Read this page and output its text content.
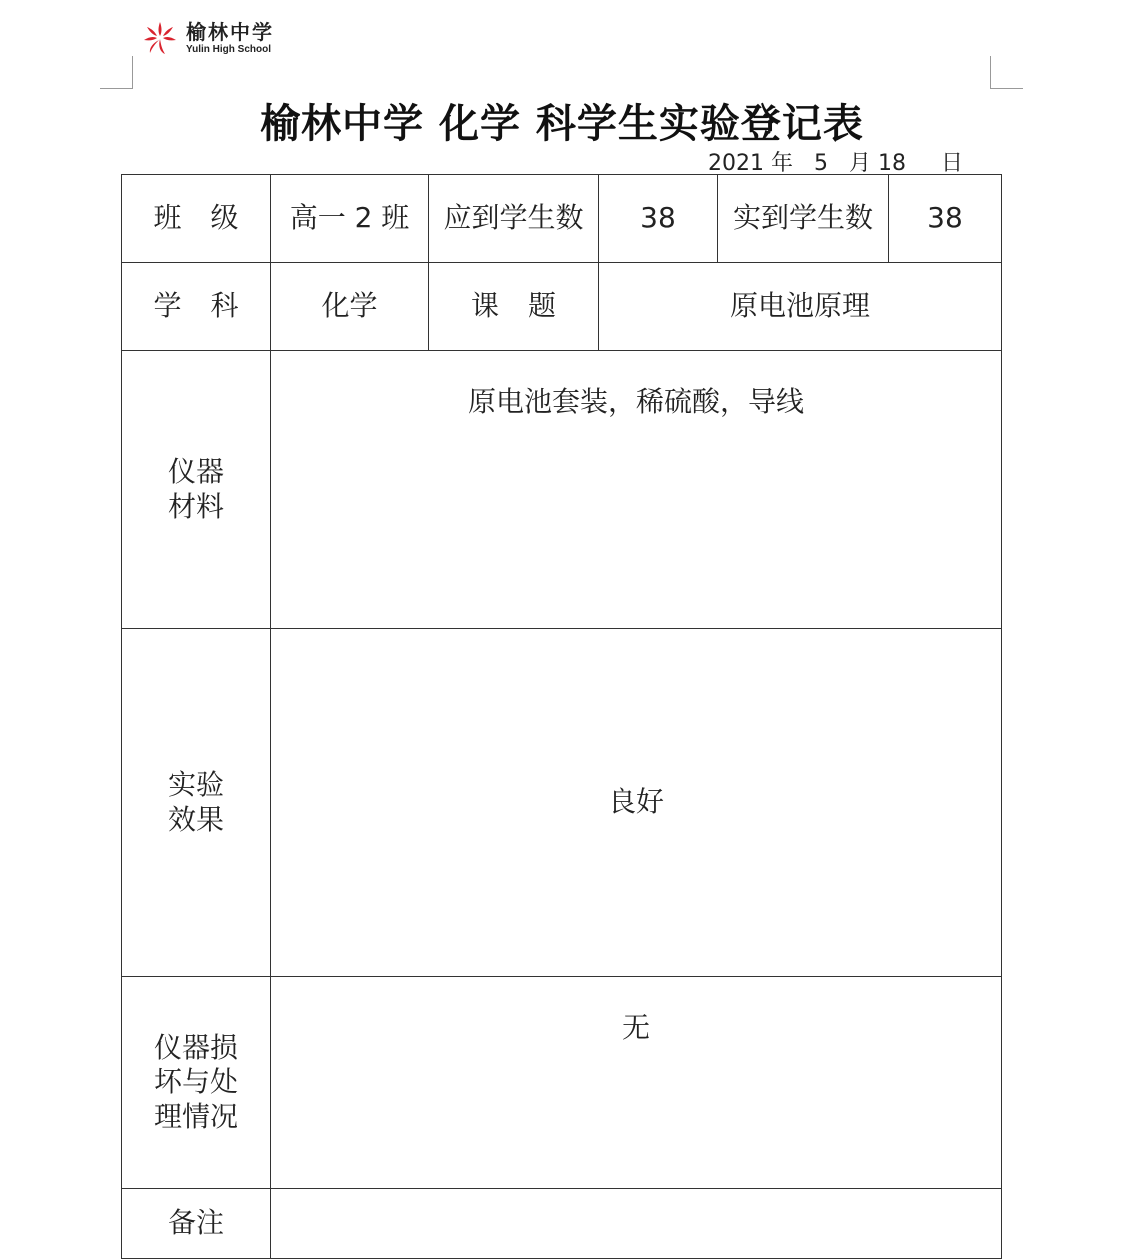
榆林中学
Yulin High School
榆林中学 化学 科学生实验登记表
2021 年 5 月 18 日
班 级	高一 2 班	应到学生数	38	实到学生数	38
学 科	化学	课 题	原电池原理		

仪器
材料	原电池套装，稀硫酸，导线				

实验
效果	良好				

仪器损
坏与处
理情况	无				
备注					
